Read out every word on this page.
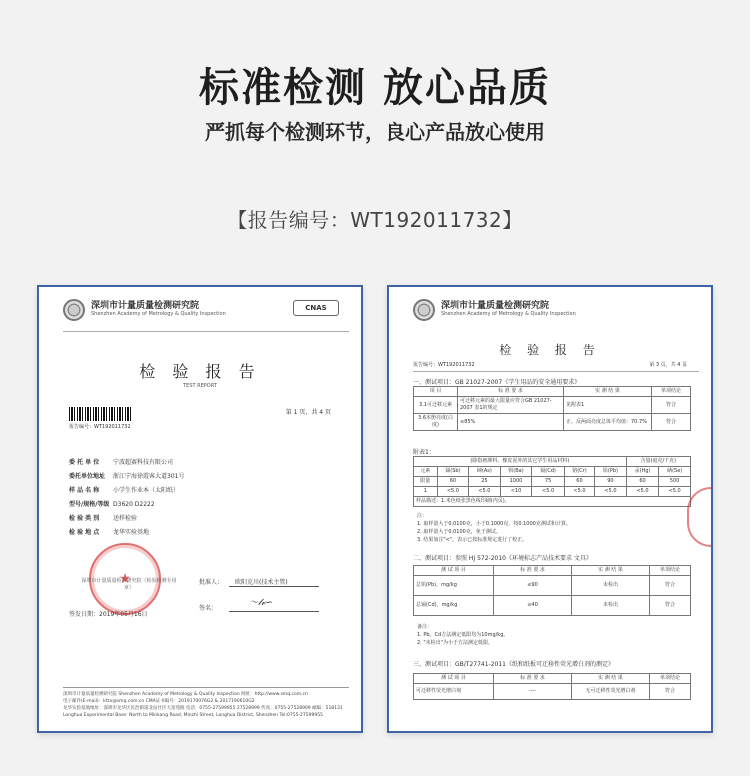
标准检测 放心品质
严抓每个检测环节，良心产品放心使用
【报告编号：WT192011732】
深圳市计量质量检测研究院
Shenzhen Academy of Metrology & Quality Inspection
CNAS
检 验 报 告
TEST REPORT
第 1 页，共 4 页
报告编号：WT192011732
委 托 单 位 宁波超赛科技有限公司
委托单位地址 浙江宁海徐霞客大道301号
样 品 名 称 小学生作业本（太阳纸）
型号/规格/等级 D3620 D2222
检 验 类 别 送样检验
检 验 地 点 龙华实验基地
★
深圳市计量质量检测研究院（检验检测专用章）
批准人： 欧阳克川(技术主管)
签名：
〜𝓁𝓋∽
签发日期：2019年05月16日
深圳市计量质量检测研究院 Shenzhen Academy of Metrology & Quality Inspection 网址：http://www.smq.com.cn
电子邮件(E-mail)：kfzx@smq.com.cn CMA证书编号：2019170076G2 & 2017190610G2
龙华实验基地地址：深圳市龙华区民治街道北站社区大富苑路 电话：0755-27599955 27528999 传真：0755-27528909 邮编：518131
Longhua Experimental Base: North to Minkang Road, Minzhi Street, Longhua District, Shenzhen Tel:0755-27599955
深圳市计量质量检测研究院
Shenzhen Academy of Metrology & Quality Inspection
检 验 报 告
报告编号：WT192011732	第 3 页，共 4 页
一、测试项目：GB 21027-2007《学生用品的安全通用要求》
项 目	标 准 要 求	实 测 结 果	单项结论
3.1可迁移元素	可迁移元素的最大限量应符合GB 21027-2007 表1的规定	见附表1	符合
3.6本册亮度(白度)	≤85%	正、反两面亮度总体平均值：70.7%	符合
附表1：
(除指画颜料、橡皮泥外的其它学生用品材料)							含量(毫克/千克)	
元素	锑(Sb)	砷(As)	钡(Ba)	镉(Cd)	铬(Cr)	铅(Pb)	汞(Hg)	硒(Se)
限量	60	25	1000	75	60	90	60	500
1	<5.0	<5.0	<10	<5.0	<5.0	<5.0	<5.0	<5.0
样品描述：1.米色纸张黑色线印刷(内页)。								
注：
1. 取样量大于0.0100克，小于0.1000克，按0.1000克测试和计算。
2. 取样量大于0.0100克，免于测试。
3. 结果加注"<"，表示已按标准规定进行了校正。
二、测试项目：参照 HJ 572-2010《环境标志产品技术要求 文具》
测 试 项 目	标 准 要 求	实 测 结 果	单项结论
总铅(Pb)，mg/kg	≤90	未检出	符合
总镉(Cd)，mg/kg	≤40	未检出	符合
备注：
1. Pb、Cd方法测定低限均为10mg/kg。
2. "未检出"为小于方法测定低限。
三、测试项目：GB/T27741-2011《纸和纸板可迁移性荧光增白剂的测定》
测 试 项 目	标 准 要 求	实 测 结 果	单项结论
可迁移性荧光增白剂	----	无可迁移性荧光增白剂	符合
